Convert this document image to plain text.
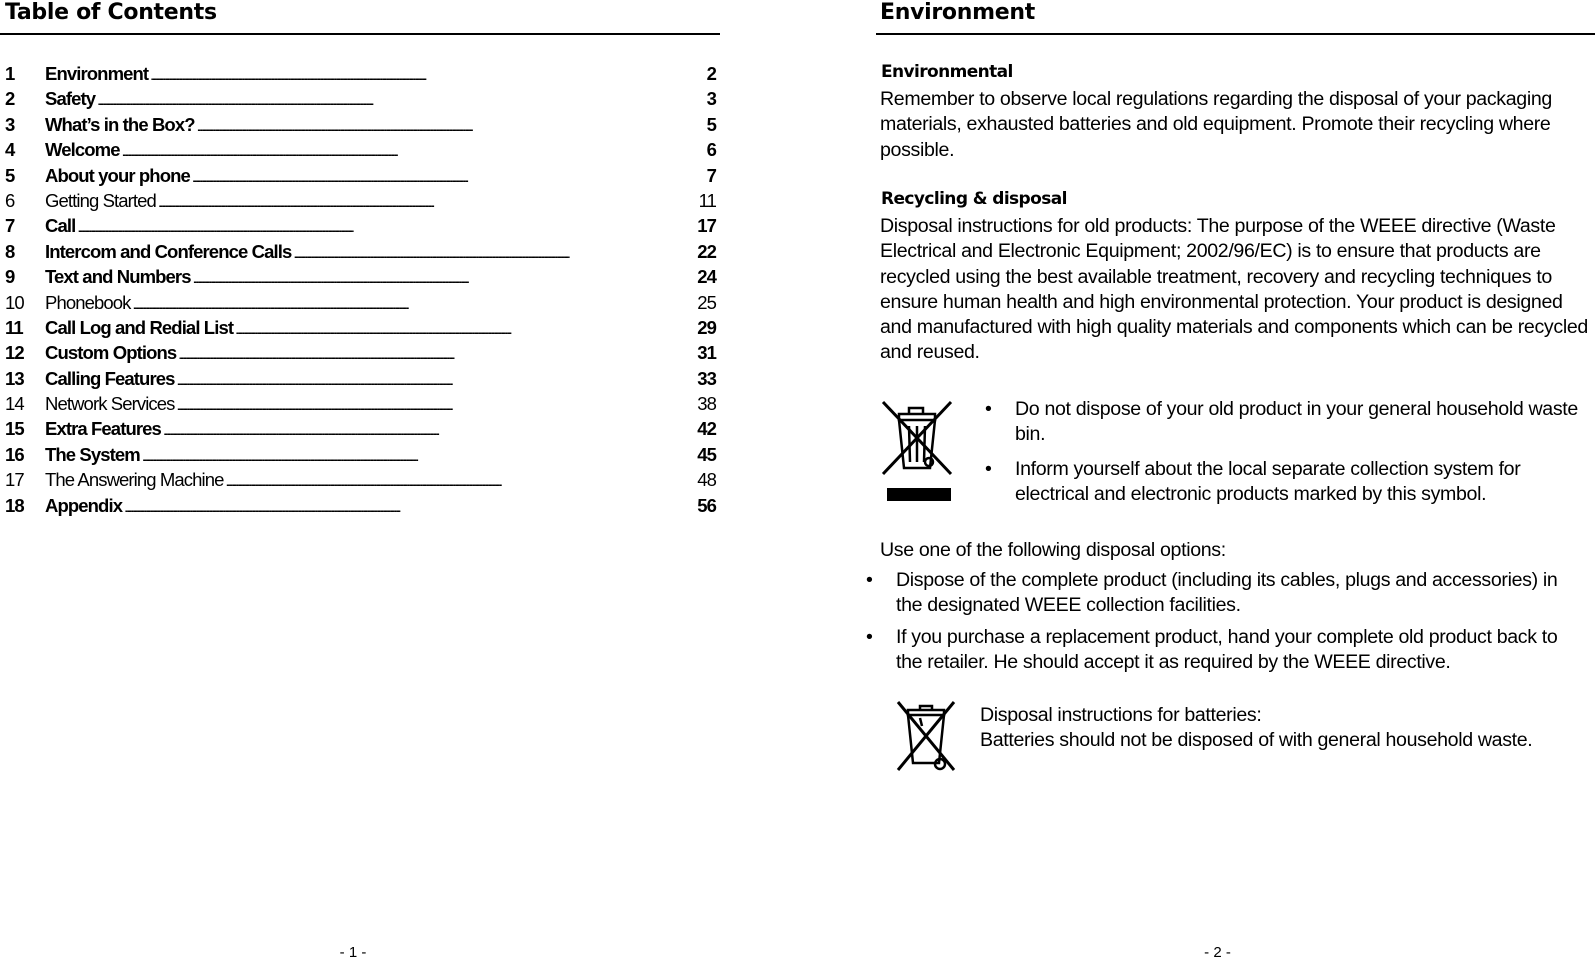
Table of Contents
1	Environment . . .	2
2	Safety . . .	3
3	What’s in the Box? . . .	5
4	Welcome . . .	6
5	About your phone . . .	7
6	Getting Started . . .	11
7	Call . . .	17
8	Intercom and Conference Calls . . .	22
9	Text and Numbers . . .	24
10	Phonebook . . .	25
11	Call Log and Redial List . . .	29
12	Custom Options . . .	31
13	Calling Features . . .	33
14	Network Services . . .	38
15	Extra Features . . .	42
16	The System . . .	45
17	The Answering Machine . . .	48
18	Appendix . . .	56
- 1 -
Environment
Environmental

Remember to observe local regulations regarding the disposal of your packaging materials, exhausted batteries and old equipment. Promote their recycling where possible.

Recycling & disposal

Disposal instructions for old products: The purpose of the WEEE directive (Waste Electrical and Electronic Equipment; 2002/96/EC) is to ensure that products are recycled using the best available treatment, recovery and recycling techniques to ensure human health and high environmental protection. Your product is designed and manufactured with high quality materials and components which can be recycled and reused.

• Do not dispose of your old product in your general household waste bin.
• Inform yourself about the local separate collection system for electrical and electronic products marked by this symbol.
Use one of the following disposal options:
• Dispose of the complete product (including its cables, plugs and accessories) in the designated WEEE collection facilities.
• If you purchase a replacement product, hand your complete old product back to the retailer. He should accept it as required by the WEEE directive.
Disposal instructions for batteries:
Batteries should not be disposed of with general household waste.
- 2 -
